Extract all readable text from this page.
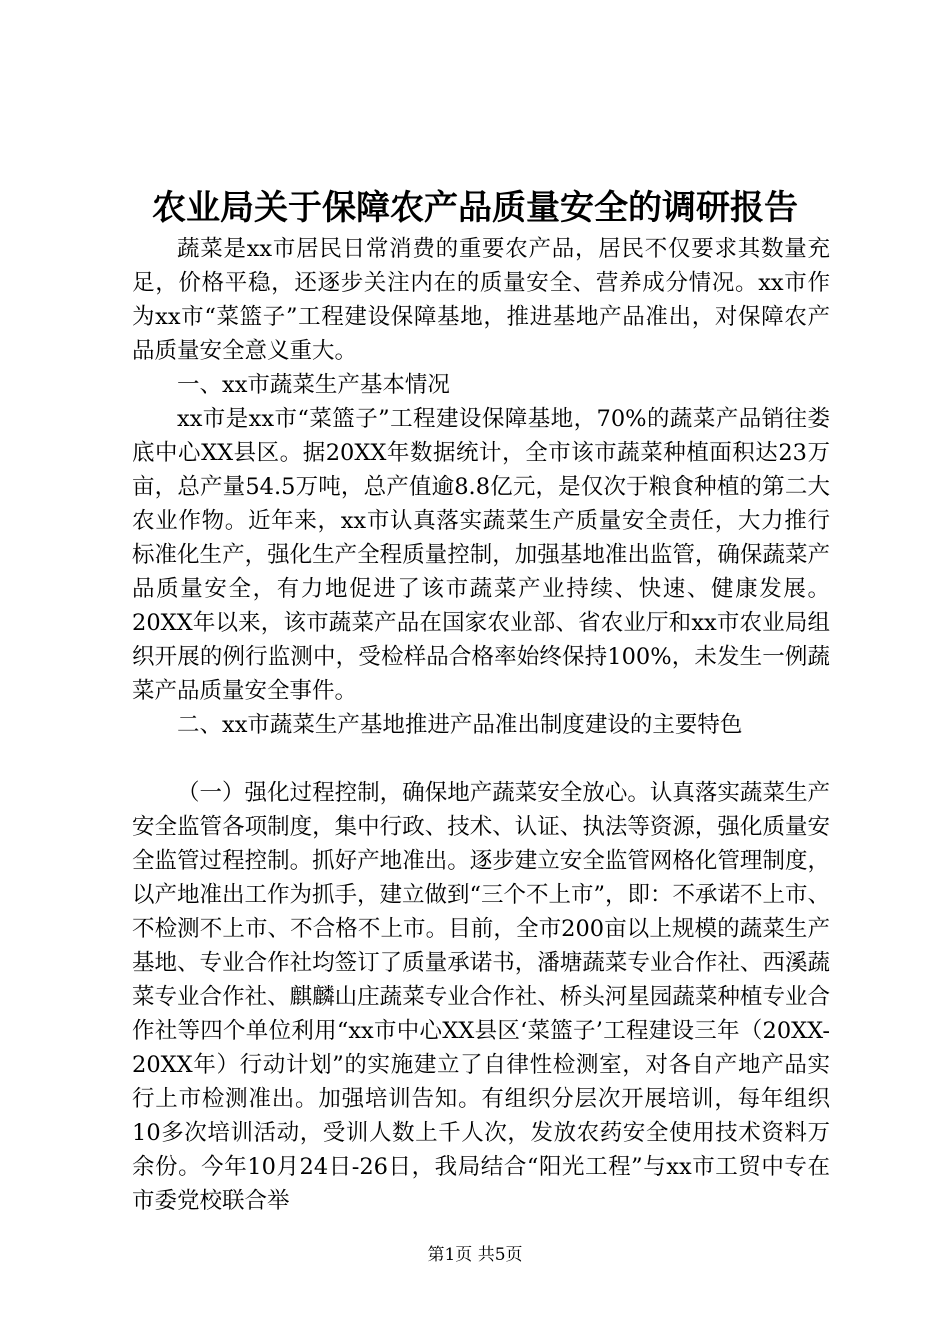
农业局关于保障农产品质量安全的调研报告

蔬菜是xx市居民日常消费的重要农产品，居民不仅要求其数量充足，价格平稳，还逐步关注内在的质量安全、营养成分情况。xx市作为xx市“菜篮子”工程建设保障基地，推进基地产品准出，对保障农产品质量安全意义重大。

一、xx市蔬菜生产基本情况

xx市是xx市“菜篮子”工程建设保障基地，70%的蔬菜产品销往娄底中心XX县区。据20XX年数据统计，全市该市蔬菜种植面积达23万亩，总产量54.5万吨，总产值逾8.8亿元，是仅次于粮食种植的第二大农业作物。近年来，xx市认真落实蔬菜生产质量安全责任，大力推行标准化生产，强化生产全程质量控制，加强基地准出监管，确保蔬菜产品质量安全，有力地促进了该市蔬菜产业持续、快速、健康发展。20XX年以来，该市蔬菜产品在国家农业部、省农业厅和xx市农业局组织开展的例行监测中，受检样品合格率始终保持100%，未发生一例蔬菜产品质量安全事件。

二、xx市蔬菜生产基地推进产品准出制度建设的主要特色

（一）强化过程控制，确保地产蔬菜安全放心。认真落实蔬菜生产安全监管各项制度，集中行政、技术、认证、执法等资源，强化质量安全监管过程控制。抓好产地准出。逐步建立安全监管网格化管理制度，以产地准出工作为抓手，建立做到“三个不上市”，即：不承诺不上市、不检测不上市、不合格不上市。目前，全市200亩以上规模的蔬菜生产基地、专业合作社均签订了质量承诺书，潘塘蔬菜专业合作社、西溪蔬菜专业合作社、麒麟山庄蔬菜专业合作社、桥头河星园蔬菜种植专业合作社等四个单位利用“xx市中心XX县区‘菜篮子’工程建设三年（20XX-20XX年）行动计划”的实施建立了自律性检测室，对各自产地产品实行上市检测准出。加强培训告知。有组织分层次开展培训，每年组织10多次培训活动，受训人数上千人次，发放农药安全使用技术资料万余份。今年10月24日-26日，我局结合“阳光工程”与xx市工贸中专在市委党校联合举

第1页 共5页
